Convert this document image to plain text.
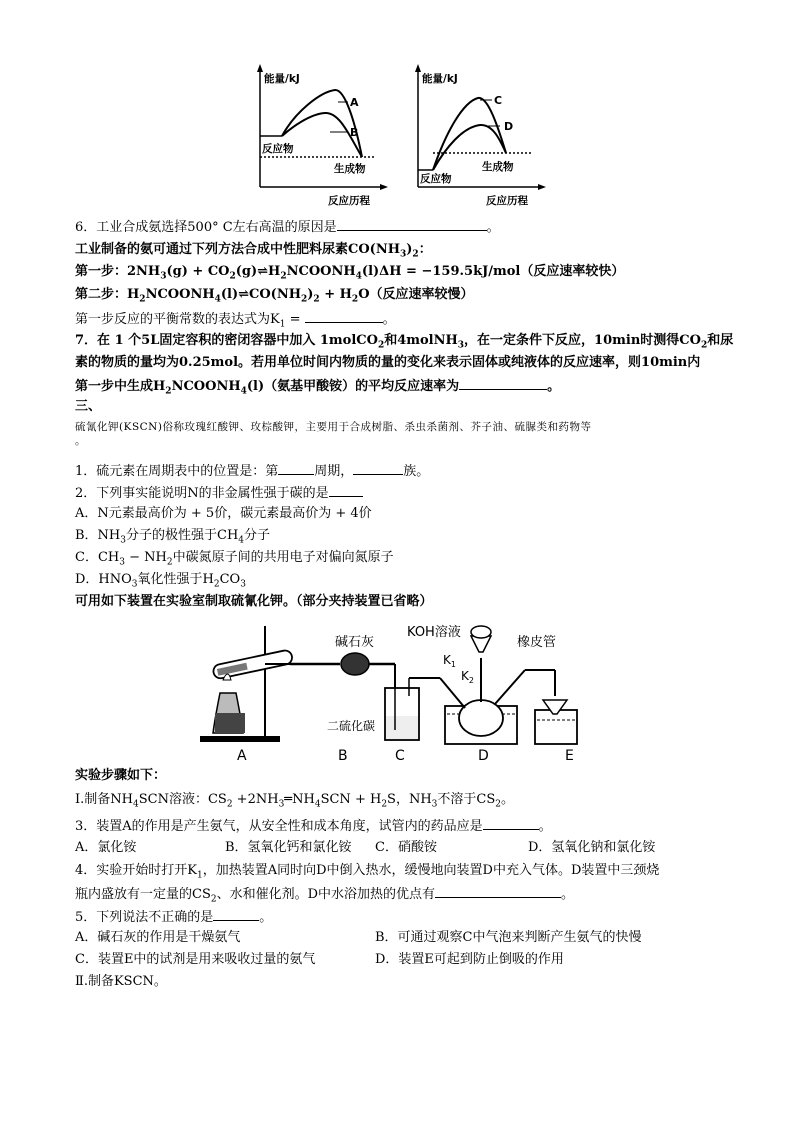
能量/kJ
A
B
反应物
生成物
反应历程
能量/kJ
C
D
反应物
生成物
反应历程
6．工业合成氨选择500° C左右高温的原因是	。
工业制备的氨可通过下列方法合成中性肥料尿素$CO(NH_3)_2$：
第一步：$2NH_3(g)$ + $CO_2(g)\rightleftharpoons H_2NCOONH_4(l)\Delta H = -159.5kJ/mol$（反应速率较快）
第二步：$H_2NCOONH_4(l)\rightleftharpoons CO(NH_2)_2 + H_2O$（反应速率较慢）
第一步反应的平衡常数的表达式为$K_1$ =	。
7．在 1 个5L固定容积的密闭容器中加入 1molCO$_2$和4molNH$_3$，在一定条件下反应，10min时测得$CO_2$和尿
素的物质的量均为0.25mol。若用单位时间内物质的量的变化来表示固体或纯液体的反应速率，则10min内
第一步中生成$H_2NCOONH_4(l)$（氨基甲酸铵）的平均反应速率为	。
三、
硫氰化钾(KSCN)俗称玫瑰红酸钾、玫棕酸钾，主要用于合成树脂、杀虫杀菌剂、芥子油、硫脲类和药物等
。
1．硫元素在周期表中的位置是：第	周期，	族。
2．下列事实能说明N的非金属性强于碳的是
A．N元素最高价为 + 5价，碳元素最高价为 + 4价
B．$NH_3$分子的极性强于$CH_4$分子
C．$CH_3 - NH_2$中碳氮原子间的共用电子对偏向氮原子
D．$HNO_3$氧化性强于$H_2CO_3$
可用如下装置在实验室制取硫氰化钾。（部分夹持装置已省略）
碱石灰
KOH溶液
橡皮管
二硫化碳
$K_1$
$K_2$
A	B	C	D	E
实验步骤如下：
Ⅰ.制备$NH_4SCN$溶液：$CS_2$ $+2NH_3═NH_4SCN + H_2S$，$NH_3$不溶于$CS_2$。
3．装置A的作用是产生氨气，从安全性和成本角度，试管内的药品应是	。
A．氯化铵	B．氢氧化钙和氯化铵 C．硝酸铵	D．氢氧化钠和氯化铵
4．实验开始时打开$K_1$，加热装置A同时向D中倒入热水，缓慢地向装置D中充入气体。D装置中三颈烧
瓶内盛放有一定量的$CS_2$、水和催化剂。D中水浴加热的优点有	。
5．下列说法不正确的是	。
A．碱石灰的作用是干燥氨气	B．可通过观察C中气泡来判断产生氨气的快慢
C．装置E中的试剂是用来吸收过量的氨气	D．装置E可起到防止倒吸的作用
Ⅱ.制备KSCN。
